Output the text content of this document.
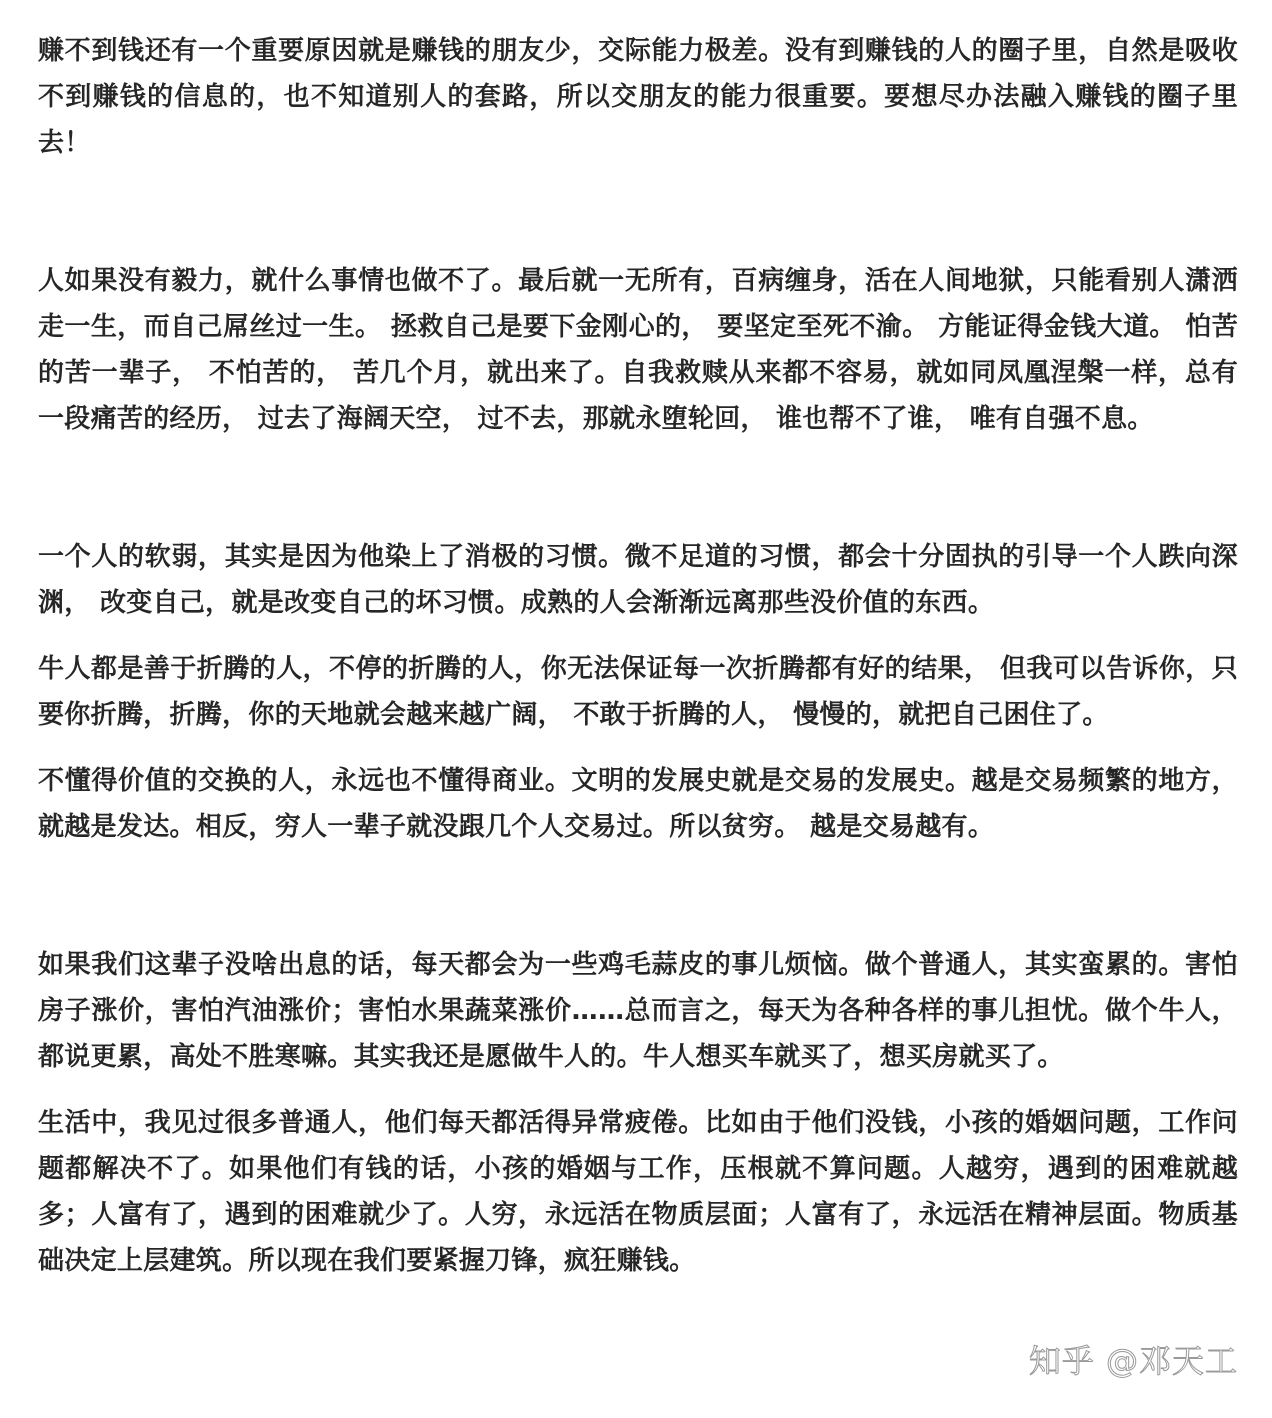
赚不到钱还有一个重要原因就是赚钱的朋友少，交际能力极差。没有到赚钱的人的圈子里，自然是吸收不到赚钱的信息的，也不知道别人的套路，所以交朋友的能力很重要。要想尽办法融入赚钱的圈子里去！

人如果没有毅力，就什么事情也做不了。最后就一无所有，百病缠身，活在人间地狱，只能看别人潇洒走一生，而自己屌丝过一生。 拯救自己是要下金刚心的， 要坚定至死不渝。 方能证得金钱大道。 怕苦的苦一辈子， 不怕苦的， 苦几个月，就出来了。自我救赎从来都不容易，就如同凤凰涅槃一样，总有一段痛苦的经历， 过去了海阔天空， 过不去，那就永堕轮回， 谁也帮不了谁， 唯有自强不息。

一个人的软弱，其实是因为他染上了消极的习惯。微不足道的习惯，都会十分固执的引导一个人跌向深渊， 改变自己，就是改变自己的坏习惯。成熟的人会渐渐远离那些没价值的东西。

牛人都是善于折腾的人，不停的折腾的人，你无法保证每一次折腾都有好的结果， 但我可以告诉你，只要你折腾，折腾，你的天地就会越来越广阔， 不敢于折腾的人， 慢慢的，就把自己困住了。

不懂得价值的交换的人，永远也不懂得商业。文明的发展史就是交易的发展史。越是交易频繁的地方，就越是发达。相反，穷人一辈子就没跟几个人交易过。所以贫穷。 越是交易越有。

如果我们这辈子没啥出息的话，每天都会为一些鸡毛蒜皮的事儿烦恼。做个普通人，其实蛮累的。害怕房子涨价，害怕汽油涨价；害怕水果蔬菜涨价……总而言之，每天为各种各样的事儿担忧。做个牛人，都说更累，高处不胜寒嘛。其实我还是愿做牛人的。牛人想买车就买了，想买房就买了。

生活中，我见过很多普通人，他们每天都活得异常疲倦。比如由于他们没钱，小孩的婚姻问题，工作问题都解决不了。如果他们有钱的话，小孩的婚姻与工作，压根就不算问题。人越穷，遇到的困难就越多；人富有了，遇到的困难就少了。人穷，永远活在物质层面；人富有了，永远活在精神层面。物质基础决定上层建筑。所以现在我们要紧握刀锋，疯狂赚钱。

知乎 @邓天工
